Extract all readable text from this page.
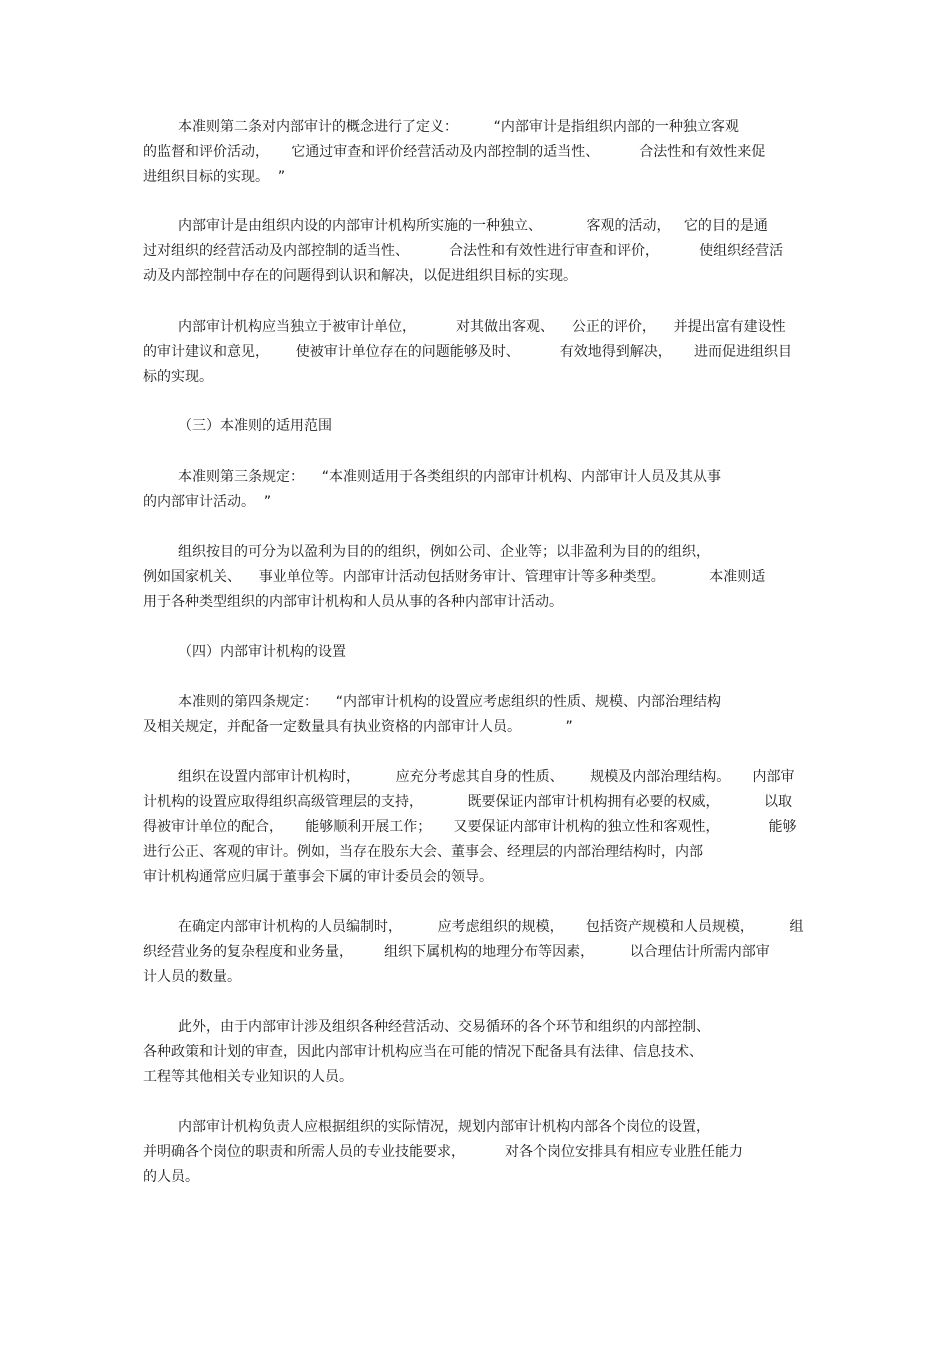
本准则第二条对内部审计的概念进行了定义：        “内部审计是指组织内部的一种独立客观
的监督和评价活动，     它通过审查和评价经营活动及内部控制的适当性、         合法性和有效性来促
进组织目标的实现。  ”
内部审计是由组织内设的内部审计机构所实施的一种独立、          客观的活动，   它的目的是通
过对组织的经营活动及内部控制的适当性、         合法性和有效性进行审查和评价，         使组织经营活
动及内部控制中存在的问题得到认识和解决，以促进组织目标的实现。
内部审计机构应当独立于被审计单位，         对其做出客观、    公正的评价，    并提出富有建设性
的审计建议和意见，      使被审计单位存在的问题能够及时、         有效地得到解决，     进而促进组织目
标的实现。
（三）本准则的适用范围
本准则第三条规定：    “本准则适用于各类组织的内部审计机构、内部审计人员及其从事
的内部审计活动。  ”
组织按目的可分为以盈利为目的的组织，例如公司、企业等；以非盈利为目的的组织，
例如国家机关、    事业单位等。内部审计活动包括财务审计、管理审计等多种类型。          本准则适
用于各种类型组织的内部审计机构和人员从事的各种内部审计活动。
（四）内部审计机构的设置
本准则的第四条规定：    “内部审计机构的设置应考虑组织的性质、规模、内部治理结构
及相关规定，并配备一定数量具有执业资格的内部审计人员。          ”
组织在设置内部审计机构时，        应充分考虑其自身的性质、      规模及内部治理结构。     内部审
计机构的设置应取得组织高级管理层的支持，          既要保证内部审计机构拥有必要的权威，          以取
得被审计单位的配合，     能够顺利开展工作；     又要保证内部审计机构的独立性和客观性，           能够
进行公正、客观的审计。例如，当存在股东大会、董事会、经理层的内部治理结构时，内部
审计机构通常应归属于董事会下属的审计委员会的领导。
在确定内部审计机构的人员编制时，        应考虑组织的规模，     包括资产规模和人员规模，        组
织经营业务的复杂程度和业务量，       组织下属机构的地理分布等因素，        以合理估计所需内部审
计人员的数量。
此外，由于内部审计涉及组织各种经营活动、交易循环的各个环节和组织的内部控制、
各种政策和计划的审查，因此内部审计机构应当在可能的情况下配备具有法律、信息技术、
工程等其他相关专业知识的人员。
内部审计机构负责人应根据组织的实际情况，规划内部审计机构内部各个岗位的设置，
并明确各个岗位的职责和所需人员的专业技能要求，         对各个岗位安排具有相应专业胜任能力
的人员。
